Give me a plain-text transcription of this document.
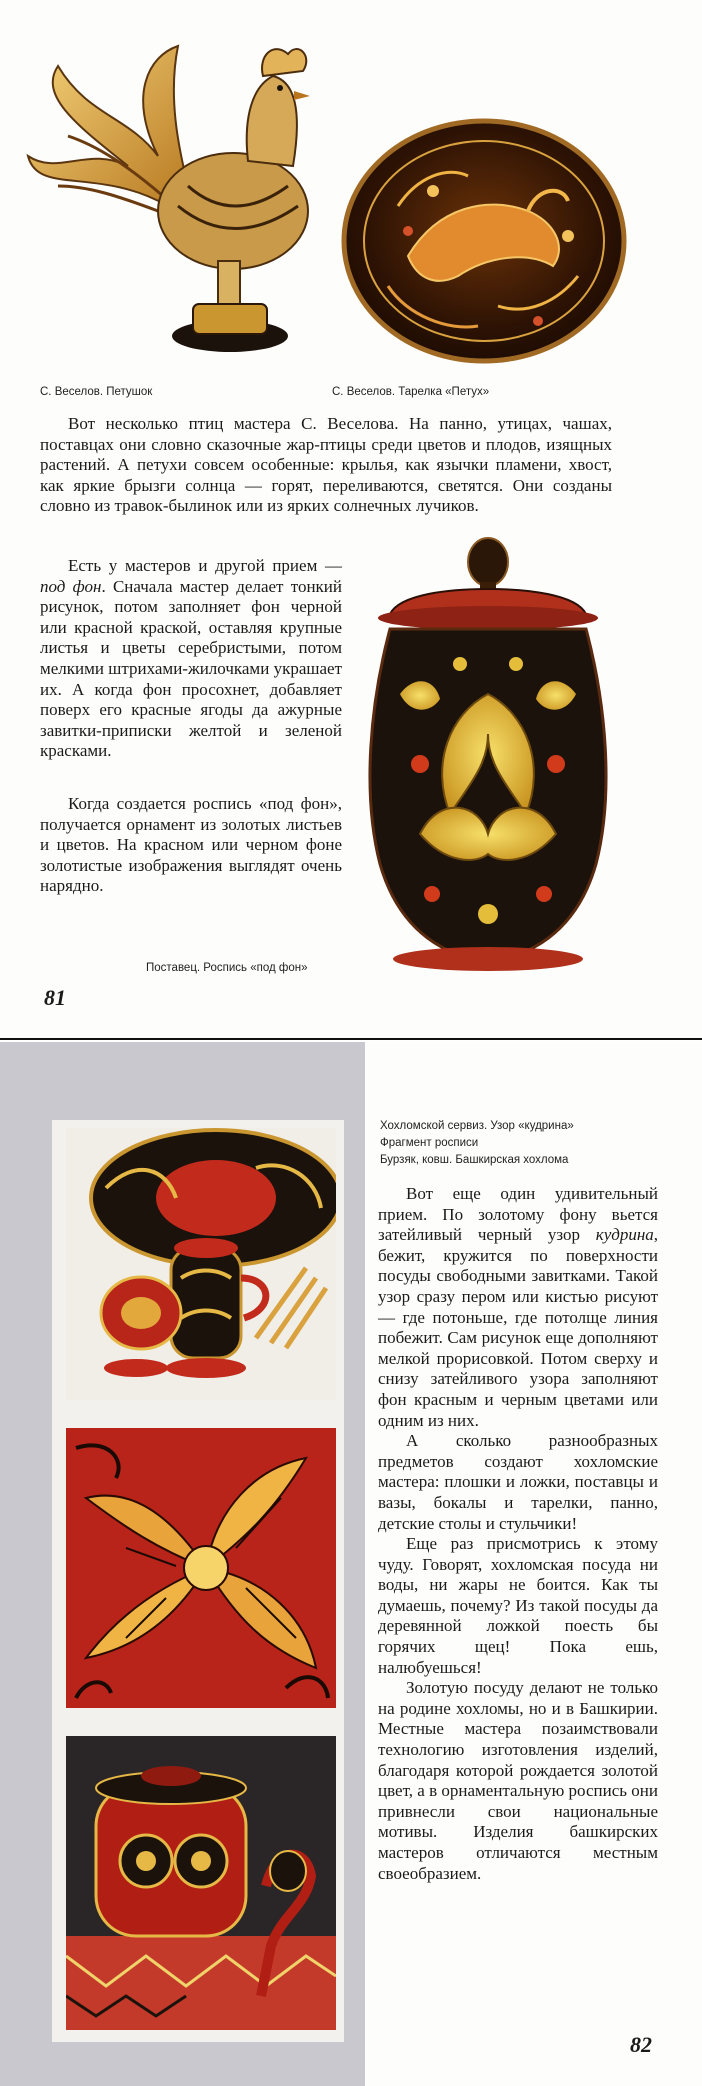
С. Веселов. Петушок	С. Веселов. Тарелка «Петух»

Вот несколько птиц мастера С. Веселова. На панно, утицах, чашах, поставцах они словно сказочные жар-птицы среди цветов и плодов, изящных растений. А петухи совсем особенные: крылья, как язычки пламени, хвост, как яркие брызги солнца — горят, переливаются, светятся. Они созданы словно из травок-былинок или из ярких солнечных лучиков.

Есть у мастеров и другой прием — под фон. Сначала мастер делает тонкий рисунок, потом заполняет фон черной или красной краской, оставляя крупные листья и цветы серебристыми, потом мелкими штрихами-жилочками украшает их. А когда фон просохнет, добавляет поверх его красные ягоды да ажурные завитки-приписки желтой и зеленой красками.

Когда создается роспись «под фон», получается орнамент из золотых листьев и цветов. На красном или черном фоне золотистые изображения выглядят очень нарядно.

Поставец. Роспись «под фон»
81
Хохломской сервиз. Узор «кудрина»
Фрагмент росписи
Бурзяк, ковш. Башкирская хохлома

Вот еще один удивительный прием. По золотому фону вьется затейливый черный узор кудрина, бежит, кружится по поверхности посуды свободными завитками. Такой узор сразу пером или кистью рисуют — где потоньше, где потолще линия побежит. Сам рисунок еще дополняют мелкой прорисовкой. Потом сверху и снизу затейливого узора заполняют фон красным и черным цветами или одним из них.

А сколько разнообразных предметов создают хохломские мастера: плошки и ложки, поставцы и вазы, бокалы и тарелки, панно, детские столы и стульчики!

Еще раз присмотрись к этому чуду. Говорят, хохломская посуда ни воды, ни жары не боится. Как ты думаешь, почему? Из такой посуды да деревянной ложкой поесть бы горячих щец! Пока ешь, налюбуешься!

Золотую посуду делают не только на родине хохломы, но и в Башкирии. Местные мастера позаимствовали технологию изготовления изделий, благодаря которой рождается золотой цвет, а в орнаментальную роспись они привнесли свои национальные мотивы. Изделия башкирских мастеров отличаются местным своеобразием.

82
